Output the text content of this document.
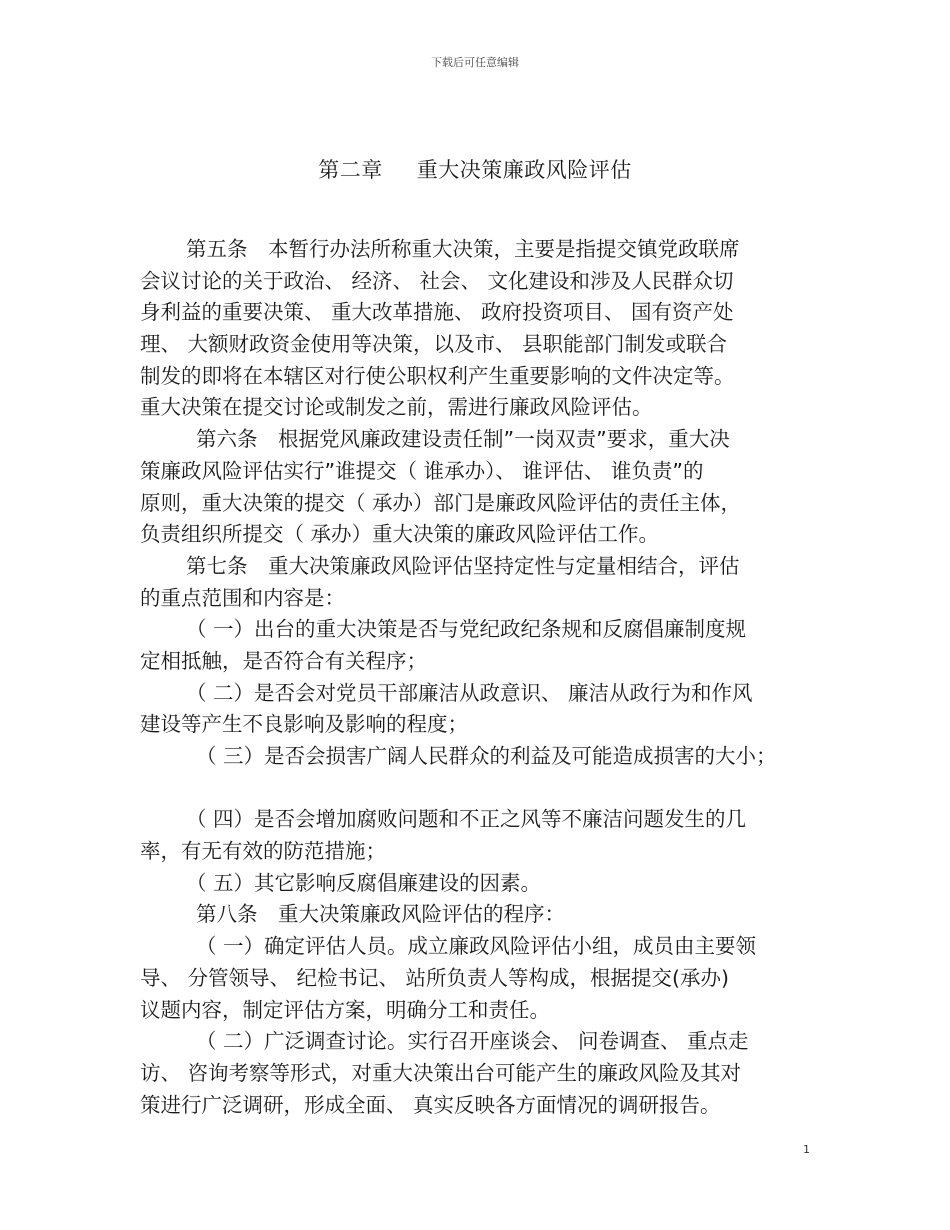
下载后可任意编辑
第二章 重大决策廉政风险评估
第五条　本暂行办法所称重大决策，主要是指提交镇党政联席
会议讨论的关于政治、 经济、 社会、 文化建设和涉及人民群众切
身利益的重要决策、 重大改革措施、 政府投资项目、 国有资产处
理、 大额财政资金使用等决策，以及市、 县职能部门制发或联合
制发的即将在本辖区对行使公职权利产生重要影响的文件决定等。
重大决策在提交讨论或制发之前，需进行廉政风险评估。
第六条　根据党风廉政建设责任制”一岗双责”要求，重大决
策廉政风险评估实行”谁提交（ 谁承办）、 谁评估、 谁负责”的
原则，重大决策的提交（ 承办）部门是廉政风险评估的责任主体，
负责组织所提交（ 承办）重大决策的廉政风险评估工作。
第七条　重大决策廉政风险评估坚持定性与定量相结合，评估
的重点范围和内容是：
（ 一）出台的重大决策是否与党纪政纪条规和反腐倡廉制度规
定相抵触，是否符合有关程序；
（ 二）是否会对党员干部廉洁从政意识、 廉洁从政行为和作风
建设等产生不良影响及影响的程度；
（ 三）是否会损害广阔人民群众的利益及可能造成损害的大小；
（ 四）是否会增加腐败问题和不正之风等不廉洁问题发生的几
率，有无有效的防范措施；
（ 五）其它影响反腐倡廉建设的因素。
第八条　重大决策廉政风险评估的程序：
（ 一）确定评估人员。成立廉政风险评估小组，成员由主要领
导、 分管领导、 纪检书记、 站所负责人等构成，根据提交(承办)
议题内容，制定评估方案，明确分工和责任。
（ 二）广泛调查讨论。实行召开座谈会、 问卷调查、 重点走
访、 咨询考察等形式，对重大决策出台可能产生的廉政风险及其对
策进行广泛调研，形成全面、 真实反映各方面情况的调研报告。
1
